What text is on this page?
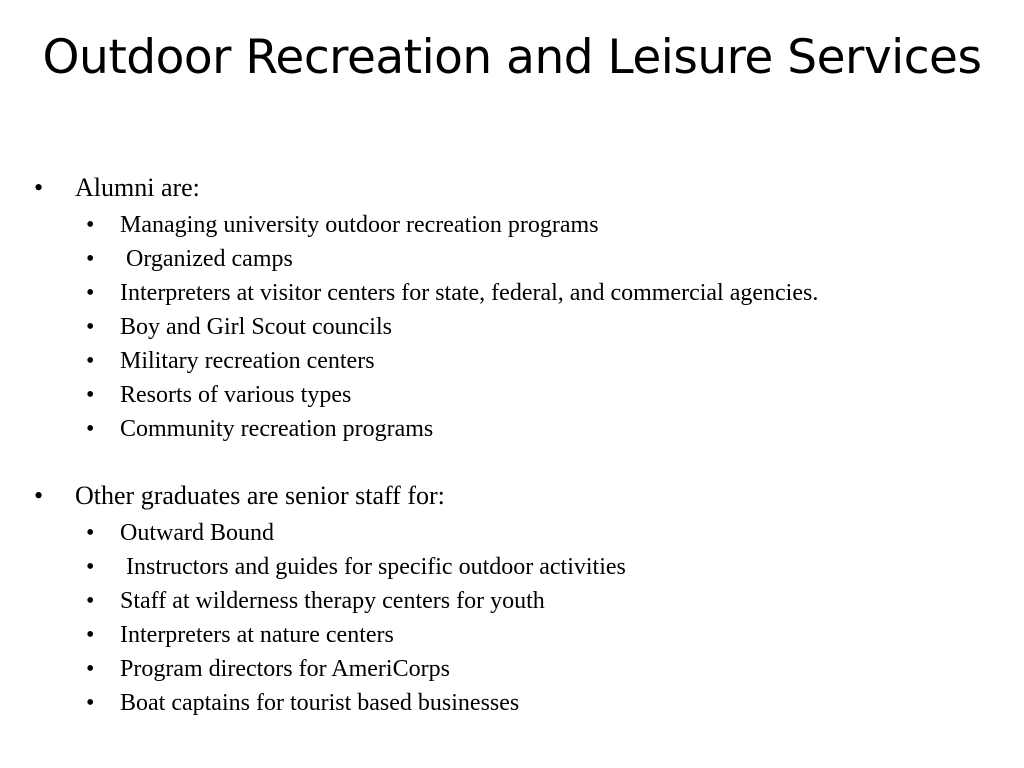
Outdoor Recreation and Leisure Services
• Alumni are:
• Managing university outdoor recreation programs
• Organized camps
• Interpreters at visitor centers for state, federal, and commercial agencies.
• Boy and Girl Scout councils
• Military recreation centers
• Resorts of various types
• Community recreation programs
• Other graduates are senior staff for:
• Outward Bound
• Instructors and guides for specific outdoor activities
• Staff at wilderness therapy centers for youth
• Interpreters at nature centers
• Program directors for AmeriCorps
• Boat captains for tourist based businesses
